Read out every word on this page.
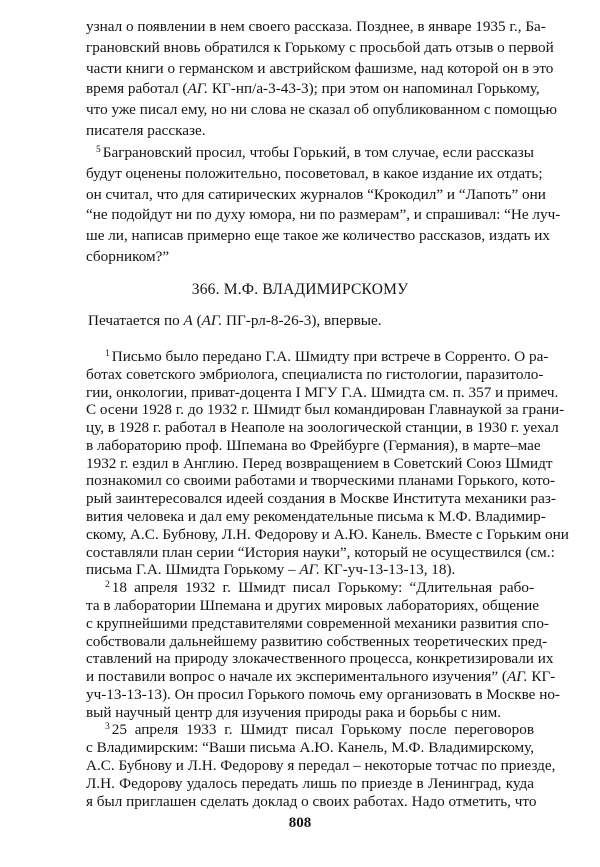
узнал о появлении в нем своего рассказа. Позднее, в январе 1935 г., Ба-
грановский вновь обратился к Горькому с просьбой дать отзыв о первой
части книги о германском и австрийском фашизме, над которой он в это
время работал (АГ. КГ-нп/а-3-43-3); при этом он напоминал Горькому,
что уже писал ему, но ни слова не сказал об опубликованном с помощью
писателя рассказе.
$^5$ Баграновский просил, чтобы Горький, в том случае, если рассказы
будут оценены положительно, посоветовал, в какое издание их отдать;
он считал, что для сатирических журналов “Крокодил” и “Лапоть” они
“не подойдут ни по духу юмора, ни по размерам”, и спрашивал: “Не луч-
ше ли, написав примерно еще такое же количество рассказов, издать их
сборником?”
366. М.Ф. ВЛАДИМИРСКОМУ
Печатается по А (АГ. ПГ-рл-8-26-3), впервые.
$^1$ Письмо было передано Г.А. Шмидту при встрече в Сорренто. О ра-
ботах советского эмбриолога, специалиста по гистологии, паразитоло-
гии, онкологии, приват-доцента I МГУ Г.А. Шмидта см. п. 357 и примеч.
С осени 1928 г. до 1932 г. Шмидт был командирован Главнаукой за грани-
цу, в 1928 г. работал в Неаполе на зоологической станции, в 1930 г. уехал
в лабораторию проф. Шпемана во Фрейбурге (Германия), в марте–мае
1932 г. ездил в Англию. Перед возвращением в Советский Союз Шмидт
познакомил со своими работами и творческими планами Горького, кото-
рый заинтересовался идеей создания в Москве Института механики раз-
вития человека и дал ему рекомендательные письма к М.Ф. Владимир-
скому, А.С. Бубнову, Л.Н. Федорову и А.Ю. Канель. Вместе с Горьким они
составляли план серии “История науки”, который не осуществился (см.:
письма Г.А. Шмидта Горькому – АГ. КГ-уч-13-13-13, 18).
$^2$ 18 апреля 1932 г. Шмидт писал Горькому: “Длительная рабо-
та в лаборатории Шпемана и других мировых лабораториях, общение
с крупнейшими представителями современной механики развития спо-
собствовали дальнейшему развитию собственных теоретических пред-
ставлений на природу злокачественного процесса, конкретизировали их
и поставили вопрос о начале их экспериментального изучения” (АГ. КГ-
уч-13-13-13). Он просил Горького помочь ему организовать в Москве но-
вый научный центр для изучения природы рака и борьбы с ним.
808
$^3$ 25 апреля 1933 г. Шмидт писал Горькому после переговоров
с Владимирским: “Ваши письма А.Ю. Канель, М.Ф. Владимирскому,
А.С. Бубнову и Л.Н. Федорову я передал – некоторые тотчас по приезде,
Л.Н. Федорову удалось передать лишь по приезде в Ленинград, куда
я был приглашен сделать доклад о своих работах. Надо отметить, что
